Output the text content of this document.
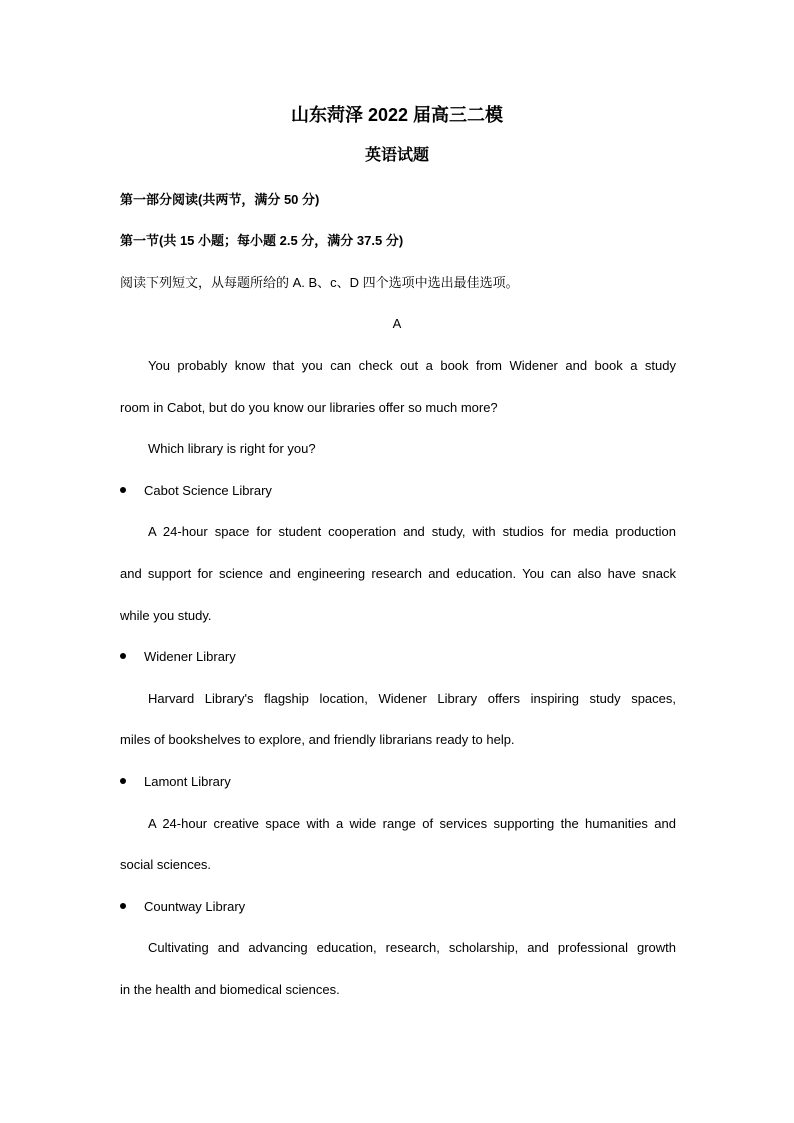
山东菏泽 2022 届高三二模
英语试题
第一部分阅读(共两节，满分 50 分)
第一节(共 15 小题；每小题 2.5 分，满分 37.5 分)
阅读下列短文，从每题所给的 A. B、c、D 四个选项中选出最佳选项。
A
You probably know that you can check out a book from Widener and book a study
room in Cabot, but do you know our libraries offer so much more?
Which library is right for you?
Cabot Science Library
A 24-hour space for student cooperation and study, with studios for media production
and support for science and engineering research and education. You can also have snack
while you study.
Widener Library
Harvard Library's flagship location, Widener Library offers inspiring study spaces,
miles of bookshelves to explore, and friendly librarians ready to help.
Lamont Library
A 24-hour creative space with a wide range of services supporting the humanities and
social sciences.
Countway Library
Cultivating and advancing education, research, scholarship, and professional growth
in the health and biomedical sciences.
